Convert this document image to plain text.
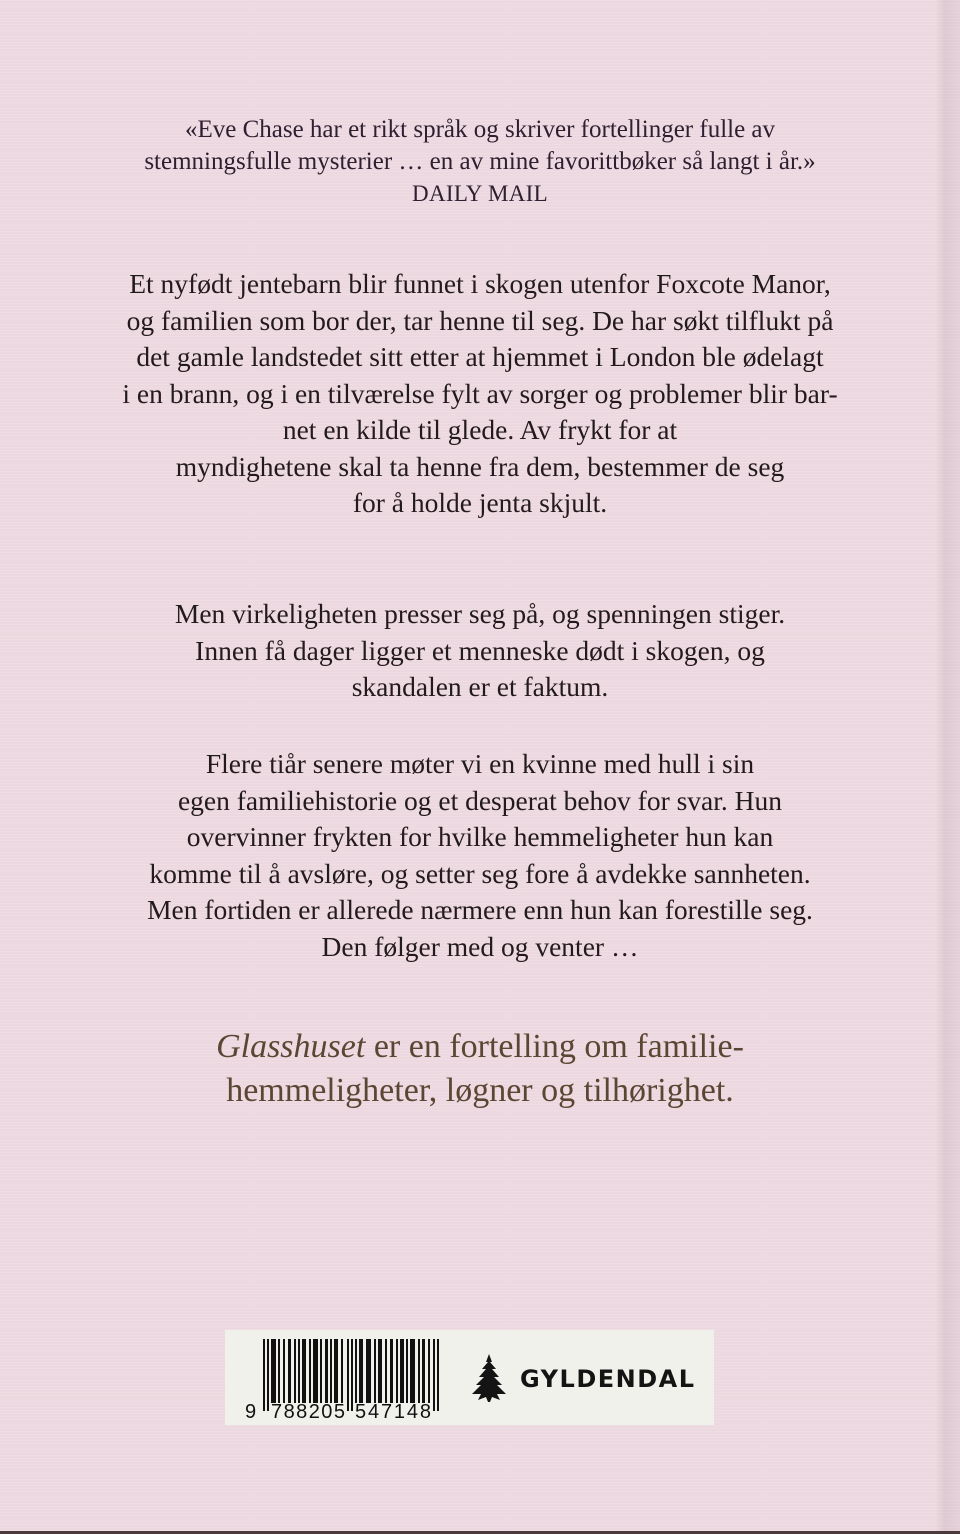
«Eve Chase har et rikt språk og skriver fortellinger fulle av
stemningsfulle mysterier … en av mine favorittbøker så langt i år.»
DAILY MAIL
Et nyfødt jentebarn blir funnet i skogen utenfor Foxcote Manor,
og familien som bor der, tar henne til seg. De har søkt tilflukt på
det gamle landstedet sitt etter at hjemmet i London ble ødelagt
i en brann, og i en tilværelse fylt av sorger og problemer blir bar-
net en kilde til glede. Av frykt for at
myndighetene skal ta henne fra dem, bestemmer de seg
for å holde jenta skjult.
Men virkeligheten presser seg på, og spenningen stiger.
Innen få dager ligger et menneske dødt i skogen, og
skandalen er et faktum.
Flere tiår senere møter vi en kvinne med hull i sin
egen familiehistorie og et desperat behov for svar. Hun
overvinner frykten for hvilke hemmeligheter hun kan
komme til å avsløre, og setter seg fore å avdekke sannheten.
Men fortiden er allerede nærmere enn hun kan forestille seg.
Den følger med og venter …
Glasshuset er en fortelling om familie-
hemmeligheter, løgner og tilhørighet.
9 788205 547148
GYLDENDAL
